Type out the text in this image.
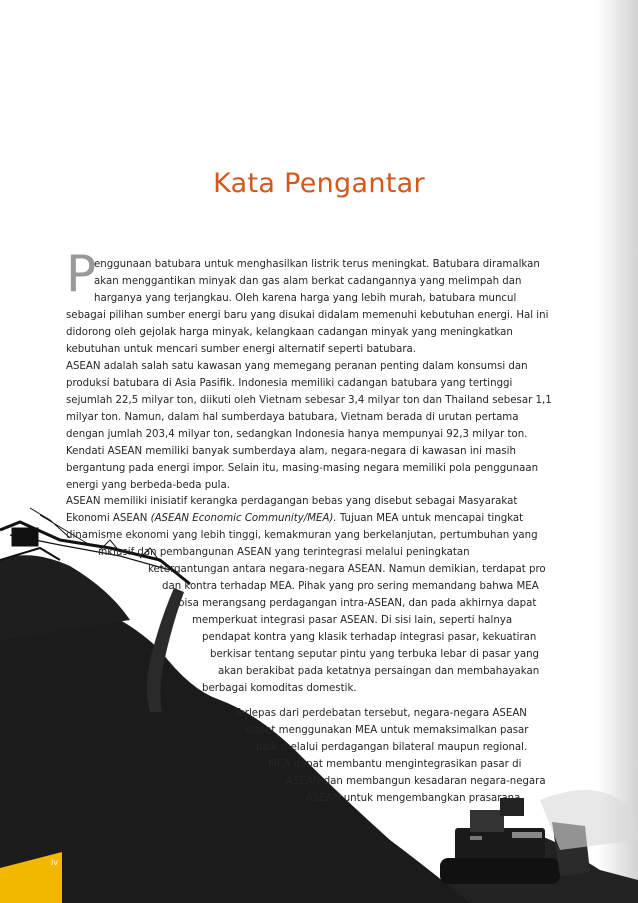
Kata Pengantar
P
enggunaan batubara untuk menghasilkan listrik terus meningkat. Batubara diramalkan
akan menggantikan minyak dan gas alam berkat cadangannya yang melimpah dan
harganya yang terjangkau. Oleh karena harga yang lebih murah, batubara muncul
sebagai pilihan sumber energi baru yang disukai didalam memenuhi kebutuhan energi. Hal ini
didorong oleh gejolak harga minyak, kelangkaan cadangan minyak yang meningkatkan
kebutuhan untuk mencari sumber energi alternatif seperti batubara.
ASEAN adalah salah satu kawasan yang memegang peranan penting dalam konsumsi dan
produksi batubara di Asia Pasifik. Indonesia memiliki cadangan batubara yang tertinggi
sejumlah 22,5 milyar ton, diikuti oleh Vietnam sebesar 3,4 milyar ton dan Thailand sebesar 1,1
milyar ton. Namun, dalam hal sumberdaya batubara, Vietnam berada di urutan pertama
dengan jumlah 203,4 milyar ton, sedangkan Indonesia hanya mempunyai 92,3 milyar ton.
Kendati ASEAN memiliki banyak sumberdaya alam, negara-negara di kawasan ini masih
bergantung pada energi impor. Selain itu, masing-masing negara memiliki pola penggunaan
energi yang berbeda-beda pula.
ASEAN memiliki inisiatif kerangka perdagangan bebas yang disebut sebagai Masyarakat
Ekonomi ASEAN (ASEAN Economic Community/MEA). Tujuan MEA untuk mencapai tingkat
dinamisme ekonomi yang lebih tinggi, kemakmuran yang berkelanjutan, pertumbuhan yang
inklusif dan pembangunan ASEAN yang terintegrasi melalui peningkatan
ketergantungan antara negara-negara ASEAN. Namun demikian, terdapat pro
dan kontra terhadap MEA. Pihak yang pro sering memandang bahwa MEA
bisa merangsang perdagangan intra-ASEAN, dan pada akhirnya dapat
memperkuat integrasi pasar ASEAN. Di sisi lain, seperti halnya
pendapat kontra yang klasik terhadap integrasi pasar, kekuatiran
berkisar tentang seputar pintu yang terbuka lebar di pasar yang
akan berakibat pada ketatnya persaingan dan membahayakan
berbagai komoditas domestik.
Terlepas dari perdebatan tersebut, negara-negara ASEAN
dapat menggunakan MEA untuk memaksimalkan pasar
baik melalui perdagangan bilateral maupun regional.
MEA dapat membantu mengintegrasikan pasar di
ASEAN dan membangun kesadaran negara-negara
ASEAN untuk mengembangkan prasarana
iv
